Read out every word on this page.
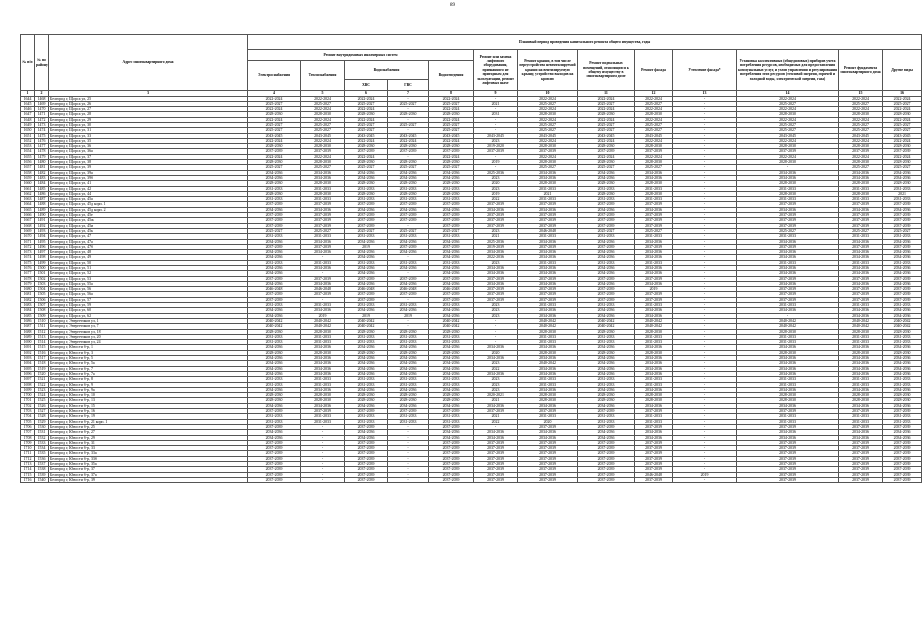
89
№ п/п	№ по району	Адрес многоквартирного дома	Плановый период проведения капитального ремонта общего имущества, годы												
			Ремонт внутридомовых инженерных систем					Ремонт или замена лифтового оборудования, признанного не пригодным для эксплуатации, ремонт лифтовых шахт	Ремонт крыши, в том числе переустройство невентилируемой крыши на вентилируемую крышу, устройство выходов на кровлю	Ремонт подвальных помещений, относящихся к общему имуществу в многоквартирном доме	Ремонт фасада	Утепление фасада*	Установка коллективных (общедомовых) приборов учета потребления ресурсов, необходимых для предоставления коммунальных услуг, и узлов управления и регулирования потребления этих ресурсов (тепловой энергии, горячей и холодной воды, электрической энергии, газа)	Ремонт фундамента многоквартирного дома	Другие виды
			Электроснабжения	Теплоснабжения	Водоснабжения		Водоотведения								
					ХВС	ГВС									
1	2	3	4	5	6	7	8	9	10	11	12	13	14	15	16
1644	1468	Белгород г, Щорса ул, 25	2022-2024	2022-2024	2022-2024	-	2022-2024	-	2022-2024	2022-2024	2022-2024	-	2022-2024	2022-2024	2022-2024
1645	1469	Белгород г, Щорса ул, 26	2025-2027	2025-2027	2025-2027	2025-2027	2025-2027	2021	2025-2027	2025-2027	2025-2027	-	2025-2027	2025-2027	2025-2027
1646	1470	Белгород г, Щорса ул, 27	2022-2024	2022-2024	2022-2024	-	2022-2024	-	2022-2024	2022-2024	2022-2024	-	2022-2024	2022-2024	2022-2024
1647	1471	Белгород г, Щорса ул, 28	2028-2030	2028-2030	2028-2030	2028-2030	2028-2030	2031	2028-2030	2028-2030	2028-2030	-	2028-2030	2028-2030	2028-2030
1648	1472	Белгород г, Щорса ул, 29	2022-2024	2022-2024	2022-2024	-	2022-2024	-	2022-2024	2022-2024	2022-2024	-	2022-2024	2022-2024	2022-2024
1649	1473	Белгород г, Щорса ул, 30	2025-2027	2025-2027	2025-2027	2025-2027	2025-2027	-	2025-2027	2025-2027	2025-2027	-	2025-2027	2025-2027	2025-2027
1650	1474	Белгород г, Щорса ул, 31	2025-2027	2025-2027	2025-2027	-	2025-2027	-	2025-2027	2025-2027	2025-2027	-	2025-2027	2025-2027	2025-2027
1651	1475	Белгород г, Щорса ул, 33	2043-2045	2043-2045	2043-2045	2043-2045	2043-2045	2043-2045	2043-2045	2043-2045	2043-2045	-	2043-2045	2043-2045	2043-2045
1652	1476	Белгород г, Щорса ул, 35	2022-2024	2022-2024	2022-2024	2022-2024	2022-2024	2023	2022-2024	2022-2024	2022-2024	-	2022-2024	2022-2024	2022-2024
1653	1477	Белгород г, Щорса ул, 36	2028-2030	2028-2030	2028-2030	2028-2030	2028-2030	2019-2020	2028-2030	2028-2030	2028-2030	-	2028-2030	2028-2030	2028-2030
1654	1478	Белгород г, Щорса ул, 36а	2037-2039	2037-2039	2037-2039	2037-2039	2037-2039	2037-2039	2037-2039	2037-2039	2037-2039	-	2037-2039	2037-2039	2037-2039
1655	1479	Белгород г, Щорса ул, 37	2022-2024	2022-2024	2022-2024	-	2022-2024	-	2022-2024	2022-2024	2022-2024	-	2022-2024	2022-2024	2022-2024
1656	1480	Белгород г, Щорса ул, 38	2028-2030	2028-2030	2028-2030	2028-2030	2028-2030	2019	2028-2030	2028-2030	2028-2030	-	2028-2030	2028-2030	2028-2030
1657	1481	Белгород г, Щорса ул, 39	2025-2027	2025-2027	2025-2027	2025-2027	2025-2027	-	2025-2027	2025-2027	2025-2027	-	-	2025-2027	2025-2027
1658	1482	Белгород г, Щорса ул, 39а	2034-2036	2034-2036	2034-2036	2034-2036	2034-2036	2025-2036	2034-2036	2034-2036	2034-2036	-	2034-2036	2034-2036	2034-2036
1659	1483	Белгород г, Щорса ул, 39б	2034-2036	2034-2036	2034-2036	2034-2036	2034-2036	2023	2034-2036	2034-2036	2034-2036	-	2034-2036	2034-2036	2034-2036
1660	1484	Белгород г, Щорса ул, 41	2028-2030	2028-2030	2028-2030	2028-2030	2028-2030	2020	2028-2030	2028-2030	2028-2030	-	2028-2030	2028-2030	2028-2030
1661	1485	Белгород г, Щорса ул, 42	2031-2033	2031-2033	2031-2033	2031-2033	2031-2033	2023	2031-2033	2031-2033	2031-2033	-	2031-2033	2031-2033	2031-2033
1662	1486	Белгород г, Щорса ул, 44	2028-2030	2028-2030	2028-2030	2028-2030	2028-2030	2019	2021	2028-2030	2028-2030	-	2028-2030	2028-2030	2021
1663	1487	Белгород г, Щорса ул, 45а	2031-2033	2031-2033	2031-2033	2031-2033	2031-2033	2022	2031-2033	2031-2033	2031-2033	-	2031-2033	2031-2033	2031-2033
1664	1488	Белгород г, Щорса ул, 45д корп. 1	2037-2039	2037-2039	2037-2039	2037-2039	2037-2039	2037-2039	2037-2039	2037-2039	2037-2039	-	2037-2039	2037-2039	2037-2039
1665	1489	Белгород г, Щорса ул, 45д корп. 2	2034-2036	2034-2036	2034-2036	2034-2036	2034-2036	2034-2036	2034-2036	2034-2036	2034-2036	-	2034-2036	2034-2036	2034-2036
1666	1490	Белгород г, Щорса ул, 45е	2037-2039	2037-2039	2037-2039	2037-2039	2037-2039	2037-2039	2037-2039	2037-2039	2037-2039	-	2037-2039	2037-2039	2037-2039
1667	1491	Белгород г, Щорса ул, 45ж	2037-2039	2037-2039	2037-2039	2037-2039	2037-2039	2037-2039	2037-2039	2037-2039	2037-2039	-	2037-2039	2037-2039	2037-2039
1668	1492	Белгород г, Щорса ул, 45и	2037-2039	2037-2039	2037-2039	-	2037-2039	2037-2039	2037-2039	2037-2039	2037-2039	-	2037-2039	2037-2039	2037-2039
1669	1493	Белгород г, Щорса ул, 45к	2025-2027	2025-2027	2025-2027	2025-2027	2025-2027	2023	2046-2048	2025-2027	2025-2027	-	2025-2027	2025-2027	2025-2027
1670	1494	Белгород г, Щорса ул, 47	2031-2033	2031-2033	2031-2033	2031-2033	2031-2033	2021	2031-2033	2031-2033	2031-2033	-	2031-2033	2031-2033	2031-2033
1671	1495	Белгород г, Щорса ул, 47а	2034-2036	2034-2036	2034-2036	2034-2036	2034-2036	2025-2036	2034-2036	2034-2036	2034-2036	-	2034-2036	2034-2036	2034-2036
1672	1496	Белгород г, Щорса ул, 47б	2037-2039	2037-2039	2019	2037-2039	2037-2039	2019-2039	2037-2039	2037-2039	2037-2039	-	2037-2039	2037-2039	2037-2039
1673	1497	Белгород г, Щорса ул, 48	2034-2036	2034-2036	2034-2036	2034-2036	2034-2036	2034-2036	2034-2036	2034-2036	2034-2036	-	2034-2036	2034-2036	2034-2036
1674	1498	Белгород г, Щорса ул, 49	2034-2036	-	2034-2036	-	2034-2036	2022-2036	2034-2036	2034-2036	2034-2036	-	2034-2036	2034-2036	2034-2036
1675	1499	Белгород г, Щорса ул, 50	2031-2033	2031-2033	2031-2033	2031-2033	2031-2033	2023	2031-2033	2031-2033	2031-2033	-	2031-2033	2031-2033	2031-2033
1676	1500	Белгород г, Щорса ул, 51	2034-2036	2034-2036	2034-2036	2034-2036	2034-2036	2034-2036	2034-2036	2034-2036	2034-2036	-	2034-2036	2034-2036	2034-2036
1677	1501	Белгород г, Щорса ул, 52	2034-2036	-	2034-2036	-	2034-2036	2034-2036	2034-2036	2034-2036	2034-2036	-	2034-2036	2034-2036	2034-2036
1678	1502	Белгород г, Щорса ул, 53	2037-2039	2037-2039	2037-2039	2037-2039	2037-2039	2037-2039	2037-2039	2037-2039	2037-2039	-	2037-2039	2037-2039	2037-2039
1679	1503	Белгород г, Щорса ул, 55а	2034-2036	2034-2036	2034-2036	2034-2036	2034-2036	2034-2036	2034-2036	2034-2036	2034-2036	-	2034-2036	2034-2036	2034-2036
1680	1504	Белгород г, Щорса ул, 56	2046-2048	2046-2048	2046-2048	2046-2048	2046-2048	2037-2039	2037-2039	2037-2039	2019	-	2037-2039	2037-2039	2037-2039
1681	1505	Белгород г, Щорса ул, 56а	2037-2039	2037-2039	2037-2039	2037-2039	2037-2039	2037-2039	2037-2039	2037-2039	2037-2039	-	2037-2039	2037-2039	2037-2039
1682	1506	Белгород г, Щорса ул, 57	2037-2039	-	2037-2039	-	2037-2039	2037-2039	2037-2039	2037-2039	2037-2039	-	2037-2039	2037-2039	2037-2039
1683	1507	Белгород г, Щорса ул, 59	2031-2033	2031-2033	2031-2033	2031-2033	2031-2033	2023	2031-2033	2031-2033	2031-2033	-	2031-2033	2031-2033	2031-2033
1684	1508	Белгород г, Щорса ул, 60	2034-2036	2034-2036	2034-2036	2034-2036	2034-2036	2023	2034-2036	2034-2036	2034-2036	-	2034-2036	2034-2036	2034-2036
1685	1509	Белгород г, Щорса ул, 62	2034-2036	2019	2019	2019	2034-2036	2023	2034-2036	2034-2036	2034-2036	-	-	2034-2036	2034-2036
1686	1510	Белгород г, Энергетиков ул, 1	2040-2042	2040-2042	2040-2042	-	2040-2042	-	2040-2042	2040-2042	2040-2042	-	2040-2042	2040-2042	2040-2042
1687	1511	Белгород г, Энергетиков ул, 7	2040-2042	2040-2042	2040-2042	-	2040-2042	-	2040-2042	2040-2042	2040-2042	-	2040-2042	2040-2042	2040-2042
1688	1512	Белгород г, Энергетиков ул, 18	2028-2030	2028-2030	2028-2030	2028-2030	2028-2030	-	2028-2030	2028-2030	2028-2030	-	2028-2030	2028-2030	2028-2030
1689	1513	Белгород г, Энергетиков ул, 20	2031-2033	2031-2033	2031-2033	2031-2033	2031-2033	-	2031-2033	2031-2033	2031-2033	-	2031-2033	2031-2033	2031-2033
1690	1514	Белгород г, Энергетиков ул, 24	2031-2033	2031-2033	2031-2033	2031-2033	2031-2033	-	2031-2033	2031-2033	2031-2033	-	2031-2033	2031-2033	2031-2033
1691	1515	Белгород г, Юности б-р, 1	2034-2036	2034-2036	2034-2036	2034-2036	2034-2036	2034-2036	2034-2036	2034-2036	2034-2036	-	2034-2036	2034-2036	2034-2036
1692	1516	Белгород г, Юности б-р, 3	2028-2030	2028-2030	2028-2030	2028-2030	2028-2030	2020	2028-2030	2028-2030	2028-2030	-	2028-2030	2028-2030	2028-2030
1693	1517	Белгород г, Юности б-р, 5	2034-2036	2034-2036	2034-2036	2034-2036	2034-2036	2034-2036	2034-2036	2034-2036	2034-2036	-	2034-2036	2034-2036	2034-2036
1694	1518	Белгород г, Юности б-р, 5а	2034-2036	2034-2036	2034-2036	2034-2036	2034-2036	2023	2040-2042	2034-2036	2034-2036	-	2034-2036	2034-2036	2034-2036
1695	1519	Белгород г, Юности б-р, 7	2034-2036	2034-2036	2034-2036	2034-2036	2034-2036	2022	2034-2036	2034-2036	2034-2036	-	2034-2036	2034-2036	2034-2036
1696	1520	Белгород г, Юности б-р, 7а	2034-2036	2034-2036	2034-2036	2034-2036	2034-2036	2034-2036	2034-2036	2034-2036	2034-2036	-	2034-2036	2034-2036	2034-2036
1697	1521	Белгород г, Юности б-р, 8	2031-2033	2031-2033	2031-2033	2031-2033	2031-2033	2023	2031-2033	2031-2033	2031-2033	-	2031-2033	2031-2033	2031-2033
1698	1522	Белгород г, Юности б-р, 9	2031-2033	2031-2033	2031-2033	2031-2033	2031-2033	2023	2031-2033	2031-2033	2031-2033	-	2031-2033	2031-2033	2031-2033
1699	1523	Белгород г, Юности б-р, 9а	2034-2036	2034-2036	2034-2036	2034-2036	2034-2036	2023	2034-2036	2034-2036	2034-2036	-	2034-2036	2034-2036	2034-2036
1700	1524	Белгород г, Юности б-р, 10	2028-2030	2028-2030	2028-2030	2028-2030	2028-2030	2020-2021	2028-2030	2028-2030	2028-2030	-	2028-2030	2028-2030	2028-2030
1701	1525	Белгород г, Юности б-р, 13	2028-2030	2028-2030	2028-2030	2028-2030	2028-2030	2021	2028-2030	2028-2030	2028-2030	-	2028-2030	2028-2030	2028-2030
1702	1526	Белгород г, Юности б-р, 15	2034-2036	2034-2036	2034-2036	2034-2036	2034-2036	2034-2036	2034-2036	2034-2036	2034-2036	-	2034-2036	2034-2036	2034-2036
1703	1527	Белгород г, Юности б-р, 16	2037-2039	2037-2039	2037-2039	2037-2039	2037-2039	2037-2039	2037-2039	2037-2039	2037-2039	-	2037-2039	2037-2039	2037-2039
1704	1528	Белгород г, Юности б-р, 19	2031-2033	2031-2033	2031-2033	2031-2033	2031-2033	2021	2031-2033	2031-2033	2031-2033	-	2031-2033	2031-2033	2031-2033
1705	1529	Белгород г, Юности б-р, 21 корп. 1	2031-2033	2031-2033	2031-2033	2031-2033	2031-2033	2022	2020	2031-2033	2031-2033	-	2031-2033	2031-2033	2031-2033
1706	1530	Белгород г, Юности б-р, 25	2037-2039	-	2037-2039	-	2037-2039	-	2037-2039	2037-2039	2037-2039	-	2037-2039	2037-2039	2037-2039
1707	1531	Белгород г, Юности б-р, 27	2034-2036	-	2034-2036	-	2034-2036	2034-2036	2034-2036	2034-2036	2034-2036	-	2034-2036	2034-2036	2034-2036
1708	1532	Белгород г, Юности б-р, 29	2034-2036	-	2034-2036	-	2034-2036	2034-2036	2034-2036	2034-2036	2034-2036	-	2034-2036	2034-2036	2034-2036
1709	1533	Белгород г, Юности б-р, 31	2037-2039	-	2037-2039	-	2037-2039	2037-2039	2037-2039	2037-2039	2037-2039	-	2037-2039	2037-2039	2037-2039
1710	1534	Белгород г, Юности б-р, 33	2037-2039	-	2037-2039	-	2037-2039	2037-2039	2037-2039	2037-2039	2037-2039	-	2037-2039	2037-2039	2037-2039
1711	1535	Белгород г, Юности б-р, 33а	2037-2039	-	2037-2039	-	2037-2039	2037-2039	2037-2039	2037-2039	2037-2039	-	2037-2039	2037-2039	2037-2039
1712	1536	Белгород г, Юности б-р, 33б	2037-2039	-	2037-2039	-	2037-2039	2037-2039	2037-2039	2037-2039	2037-2039	-	2037-2039	2037-2039	2037-2039
1713	1537	Белгород г, Юности б-р, 35а	2037-2039	-	2037-2039	-	2037-2039	2037-2039	2037-2039	2037-2039	2037-2039	-	2037-2039	2037-2039	2037-2039
1714	1538	Белгород г, Юности б-р, 37	2037-2039	-	2037-2039	-	2037-2039	2037-2039	2037-2039	2037-2039	2037-2039	-	2037-2039	2037-2039	2037-2039
1715	1539	Белгород г, Юности б-р, 37а	2037-2039	-	2037-2039	-	2037-2039	2037-2039	2037-2039	2037-2039	2046-2048	2019	2037-2039	2037-2039	2037-2039
1716	1540	Белгород г, Юности б-р, 39	2037-2039	-	2037-2039	-	2037-2039	2037-2039	2037-2039	2037-2039	2037-2039	-	2037-2039	2037-2039	2037-2039
